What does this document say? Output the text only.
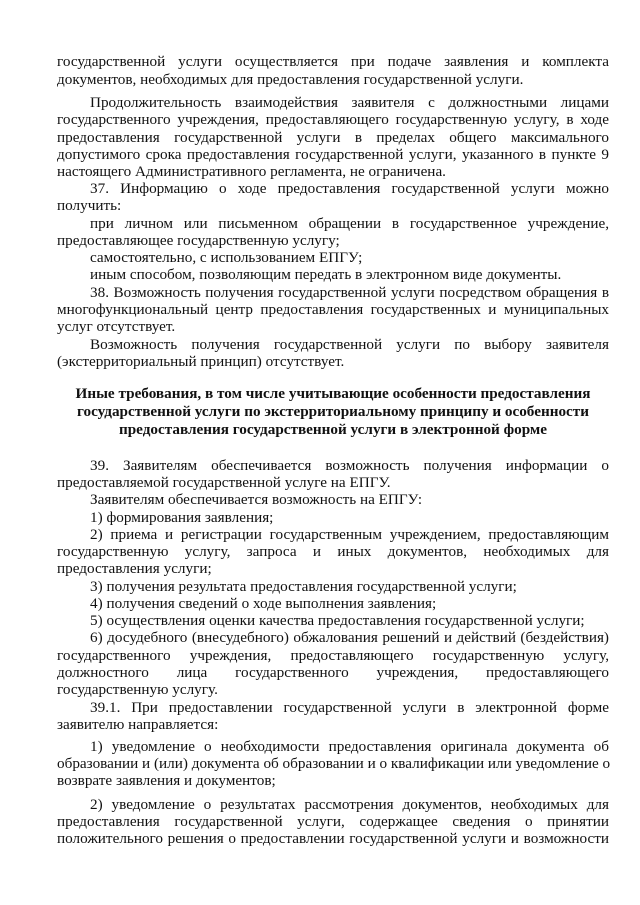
государственной услуги осуществляется при подаче заявления и комплекта
документов, необходимых для предоставления государственной услуги.
Продолжительность взаимодействия заявителя с должностными лицами
государственного учреждения, предоставляющего государственную услугу, в ходе
предоставления государственной услуги в пределах общего максимального
допустимого срока предоставления государственной услуги, указанного в пункте 9
настоящего Административного регламента, не ограничена.
37. Информацию о ходе предоставления государственной услуги можно
получить:
при личном или письменном обращении в государственное учреждение,
предоставляющее государственную услугу;
самостоятельно, с использованием ЕПГУ;
иным способом, позволяющим передать в электронном виде документы.
38. Возможность получения государственной услуги посредством обращения в
многофункциональный центр предоставления государственных и муниципальных
услуг отсутствует.
Возможность получения государственной услуги по выбору заявителя
(экстерриториальный принцип) отсутствует.
Иные требования, в том числе учитывающие особенности предоставления
государственной услуги по экстерриториальному принципу и особенности
предоставления государственной услуги в электронной форме
39. Заявителям обеспечивается возможность получения информации о
предоставляемой государственной услуге на ЕПГУ.
Заявителям обеспечивается возможность на ЕПГУ:
1) формирования заявления;
2) приема и регистрации государственным учреждением, предоставляющим
государственную услугу, запроса и иных документов, необходимых для
предоставления услуги;
3) получения результата предоставления государственной услуги;
4) получения сведений о ходе выполнения заявления;
5) осуществления оценки качества предоставления государственной услуги;
6) досудебного (внесудебного) обжалования решений и действий (бездействия)
государственного учреждения, предоставляющего государственную услугу,
должностного лица государственного учреждения, предоставляющего
государственную услугу.
39.1. При предоставлении государственной услуги в электронной форме
заявителю направляется:
1) уведомление о необходимости предоставления оригинала документа об
образовании и (или) документа об образовании и о квалификации или уведомление о
возврате заявления и документов;
2) уведомление о результатах рассмотрения документов, необходимых для
предоставления государственной услуги, содержащее сведения о принятии
положительного решения о предоставлении государственной услуги и возможности
